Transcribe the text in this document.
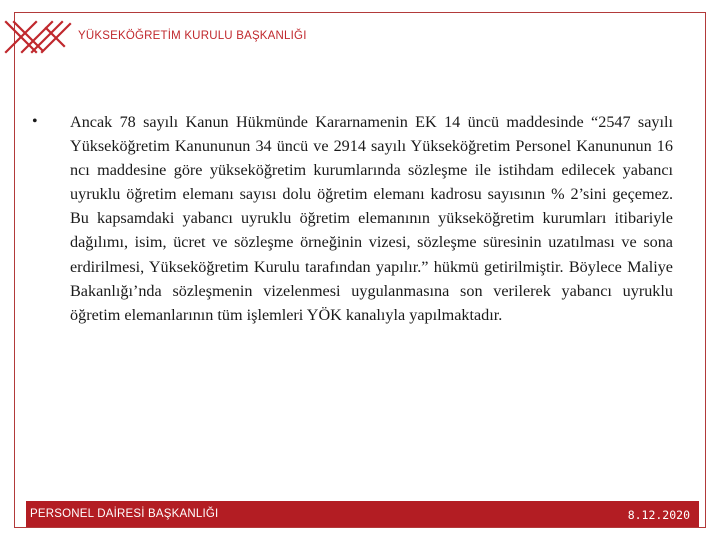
YÜKSEKÖĞRETİM KURULU BAŞKANLIĞI
•	Ancak 78 sayılı Kanun Hükmünde Kararnamenin EK 14 üncü maddesinde “2547 sayılı Yükseköğretim Kanununun 34 üncü ve 2914 sayılı Yükseköğretim Personel Kanununun 16 ncı maddesine göre yükseköğretim kurumlarında sözleşme ile istihdam edilecek yabancı uyruklu öğretim elemanı sayısı dolu öğretim elemanı kadrosu sayısının % 2’sini geçemez. Bu kapsamdaki yabancı uyruklu öğretim elemanının yükseköğretim kurumları itibariyle dağılımı, isim, ücret ve sözleşme örneğinin vizesi, sözleşme süresinin uzatılması ve sona erdirilmesi, Yükseköğretim Kurulu tarafından yapılır.” hükmü getirilmiştir. Böylece Maliye Bakanlığı’nda sözleşmenin vizelenmesi uygulanmasına son verilerek yabancı uyruklu öğretim elemanlarının tüm işlemleri YÖK kanalıyla yapılmaktadır.
PERSONEL DAİRESİ BAŞKANLIĞI	8.12.2020
